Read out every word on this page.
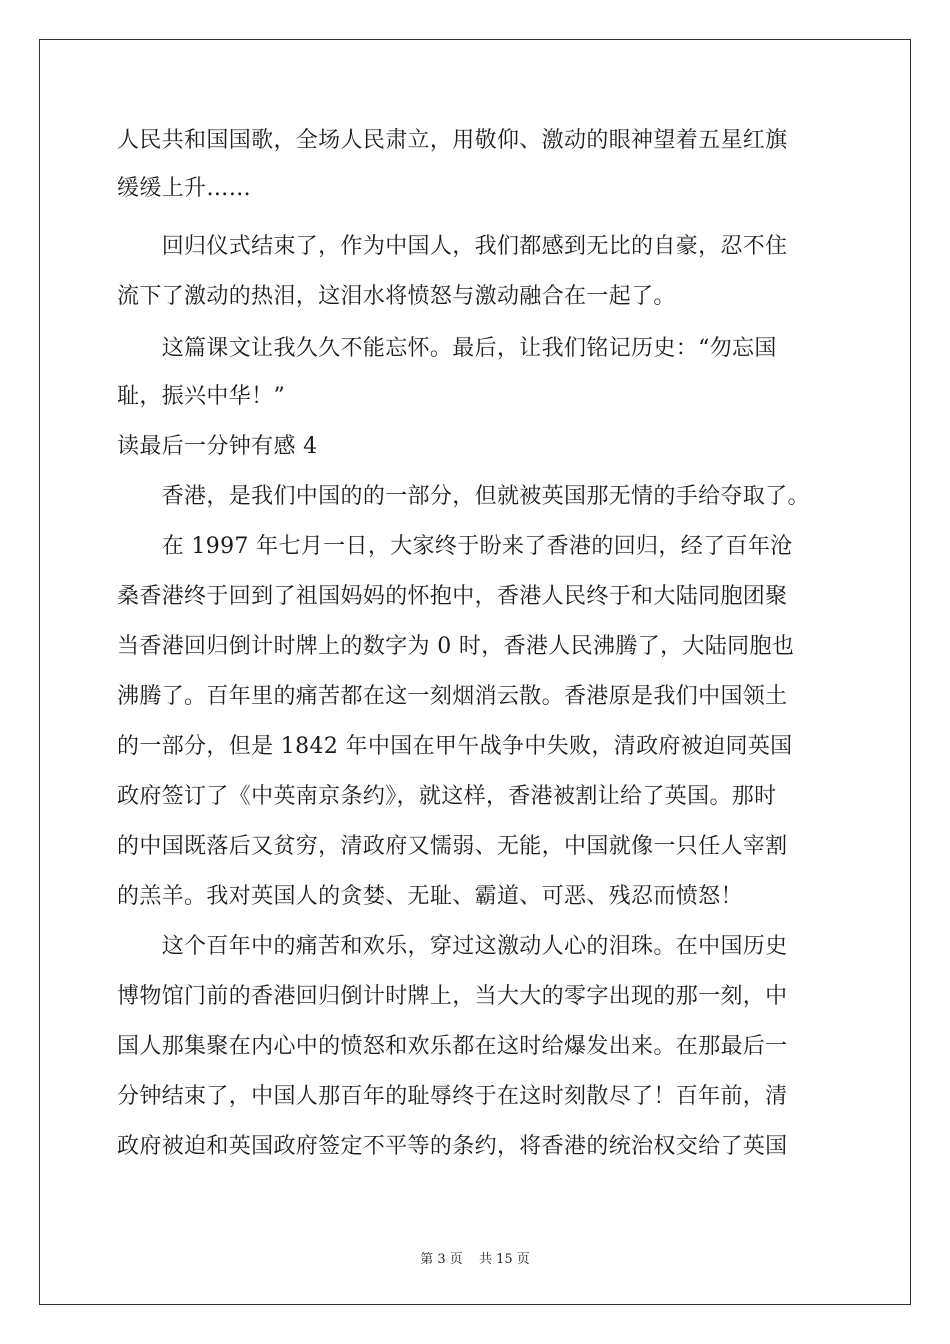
人民共和国国歌，全场人民肃立，用敬仰、激动的眼神望着五星红旗
缓缓上升……
　　回归仪式结束了，作为中国人，我们都感到无比的自豪，忍不住
流下了激动的热泪，这泪水将愤怒与激动融合在一起了。
　　这篇课文让我久久不能忘怀。最后，让我们铭记历史：“勿忘国
耻，振兴中华！”
读最后一分钟有感 4
　　香港，是我们中国的的一部分，但就被英国那无情的手给夺取了。
　　在 1997 年七月一日，大家终于盼来了香港的回归，经了百年沧
桑香港终于回到了祖国妈妈的怀抱中，香港人民终于和大陆同胞团聚
当香港回归倒计时牌上的数字为 0 时，香港人民沸腾了，大陆同胞也
沸腾了。百年里的痛苦都在这一刻烟消云散。香港原是我们中国领土
的一部分，但是 1842 年中国在甲午战争中失败，清政府被迫同英国
政府签订了《中英南京条约》，就这样，香港被割让给了英国。那时
的中国既落后又贫穷，清政府又懦弱、无能，中国就像一只任人宰割
的羔羊。我对英国人的贪婪、无耻、霸道、可恶、残忍而愤怒！
　　这个百年中的痛苦和欢乐，穿过这激动人心的泪珠。在中国历史
博物馆门前的香港回归倒计时牌上，当大大的零字出现的那一刻，中
国人那集聚在内心中的愤怒和欢乐都在这时给爆发出来。在那最后一
分钟结束了，中国人那百年的耻辱终于在这时刻散尽了！百年前，清
政府被迫和英国政府签定不平等的条约，将香港的统治权交给了英国
第 3 页 共 15 页
